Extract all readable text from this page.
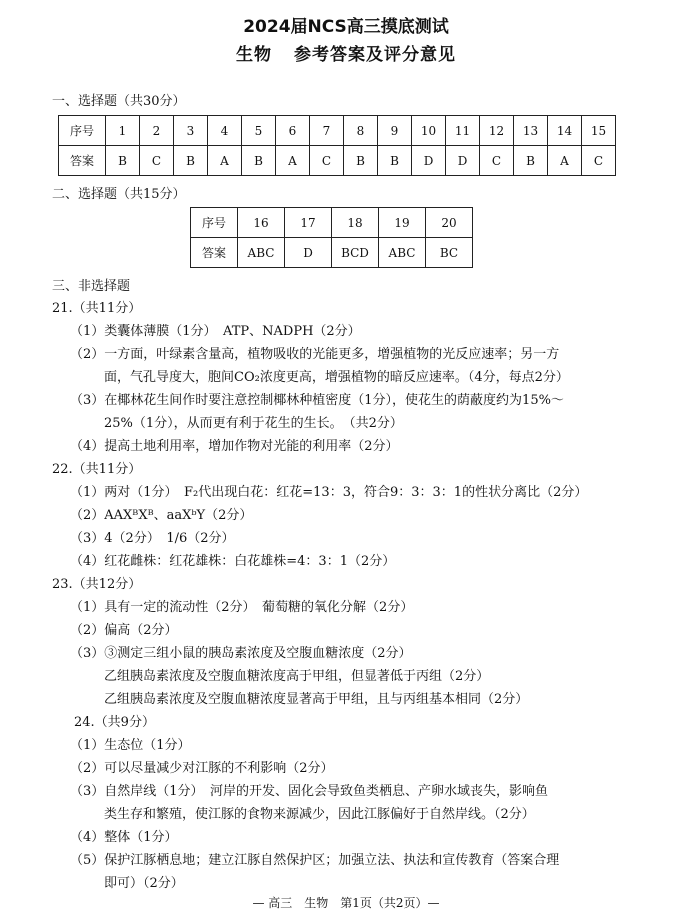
2024届NCS高三摸底测试
生物 参考答案及评分意见
一、选择题（共30分）
序号	1	2	3	4	5	6	7	8	9	10	11	12	13	14	15
答案	B	C	B	A	B	A	C	B	B	D	D	C	B	A	C
二、选择题（共15分）
序号	16	17	18	19	20
答案	ABC	D	BCD	ABC	BC
三、非选择题
21.（共11分）
（1）类囊体薄膜（1分）　ATP、NADPH（2分）
（2）一方面，叶绿素含量高，植物吸收的光能更多，增强植物的光反应速率；另一方
面，气孔导度大，胞间CO₂浓度更高，增强植物的暗反应速率。（4分，每点2分）
（3）在椰林花生间作时要注意控制椰林种植密度（1分），使花生的荫蔽度约为15%～
25%（1分），从而更有利于花生的生长。　（共2分）
（4）提高土地利用率，增加作物对光能的利用率（2分）
22.（共11分）
（1）两对（1分）　F₂代出现白花：红花=13：3，符合9：3：3：1的性状分离比（2分）
（2）AAXᴮXᴮ、aaXᵇY（2分）
（3）4（2分）　1/6（2分）
（4）红花雌株：红花雄株：白花雄株=4：3：1（2分）
23.（共12分）
（1）具有一定的流动性（2分）　葡萄糖的氧化分解（2分）
（2）偏高（2分）
（3）③测定三组小鼠的胰岛素浓度及空腹血糖浓度（2分）
乙组胰岛素浓度及空腹血糖浓度高于甲组，但显著低于丙组（2分）
乙组胰岛素浓度及空腹血糖浓度显著高于甲组，且与丙组基本相同（2分）
24.（共9分）
（1）生态位（1分）
（2）可以尽量减少对江豚的不利影响（2分）
（3）自然岸线（1分）　河岸的开发、固化会导致鱼类栖息、产卵水域丧失，影响鱼
类生存和繁殖，使江豚的食物来源减少，因此江豚偏好于自然岸线。（2分）
（4）整体（1分）
（5）保护江豚栖息地；建立江豚自然保护区；加强立法、执法和宣传教育（答案合理
即可）（2分）
— 高三　生物　第1页（共2页）—
